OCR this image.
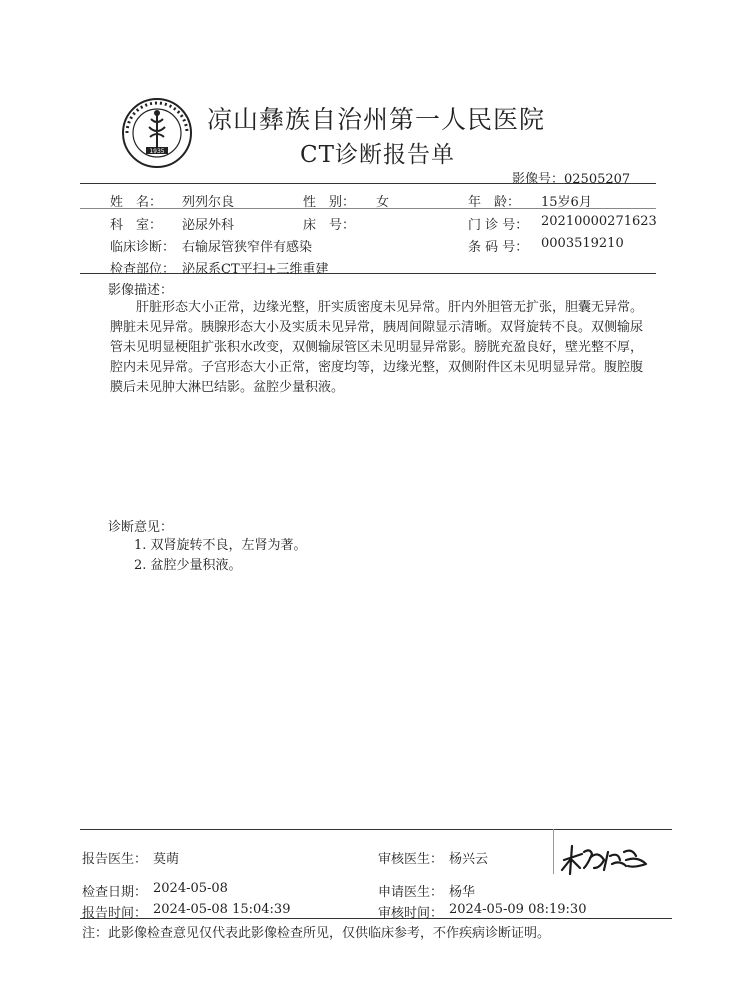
1935
凉山彝族自治州第一人民医院
CT诊断报告单
影像号：02505207
姓　名： 列列尔良	性　别： 女	年　龄： 15岁6月
科　室： 泌尿外科	床　号：	门 诊 号： 20210000271623
临床诊断： 右输尿管狭窄伴有感染	条 码 号： 0003519210
检查部位： 泌尿系CT平扫+三维重建
影像描述：
肝脏形态大小正常，边缘光整，肝实质密度未见异常。肝内外胆管无扩张，胆囊无异常。脾脏未见异常。胰腺形态大小及实质未见异常，胰周间隙显示清晰。双肾旋转不良。双侧输尿管未见明显梗阻扩张积水改变，双侧输尿管区未见明显异常影。膀胱充盈良好，壁光整不厚，腔内未见异常。子宫形态大小正常，密度均等，边缘光整，双侧附件区未见明显异常。腹腔腹膜后未见肿大淋巴结影。盆腔少量积液。
诊断意见：
1. 双肾旋转不良，左肾为著。
2. 盆腔少量积液。
报告医生： 莫萌	审核医生： 杨兴云
检查日期： 2024-05-08	申请医生： 杨华
报告时间： 2024-05-08 15:04:39	审核时间： 2024-05-09 08:19:30
注：此影像检查意见仅代表此影像检查所见，仅供临床参考，不作疾病诊断证明。
